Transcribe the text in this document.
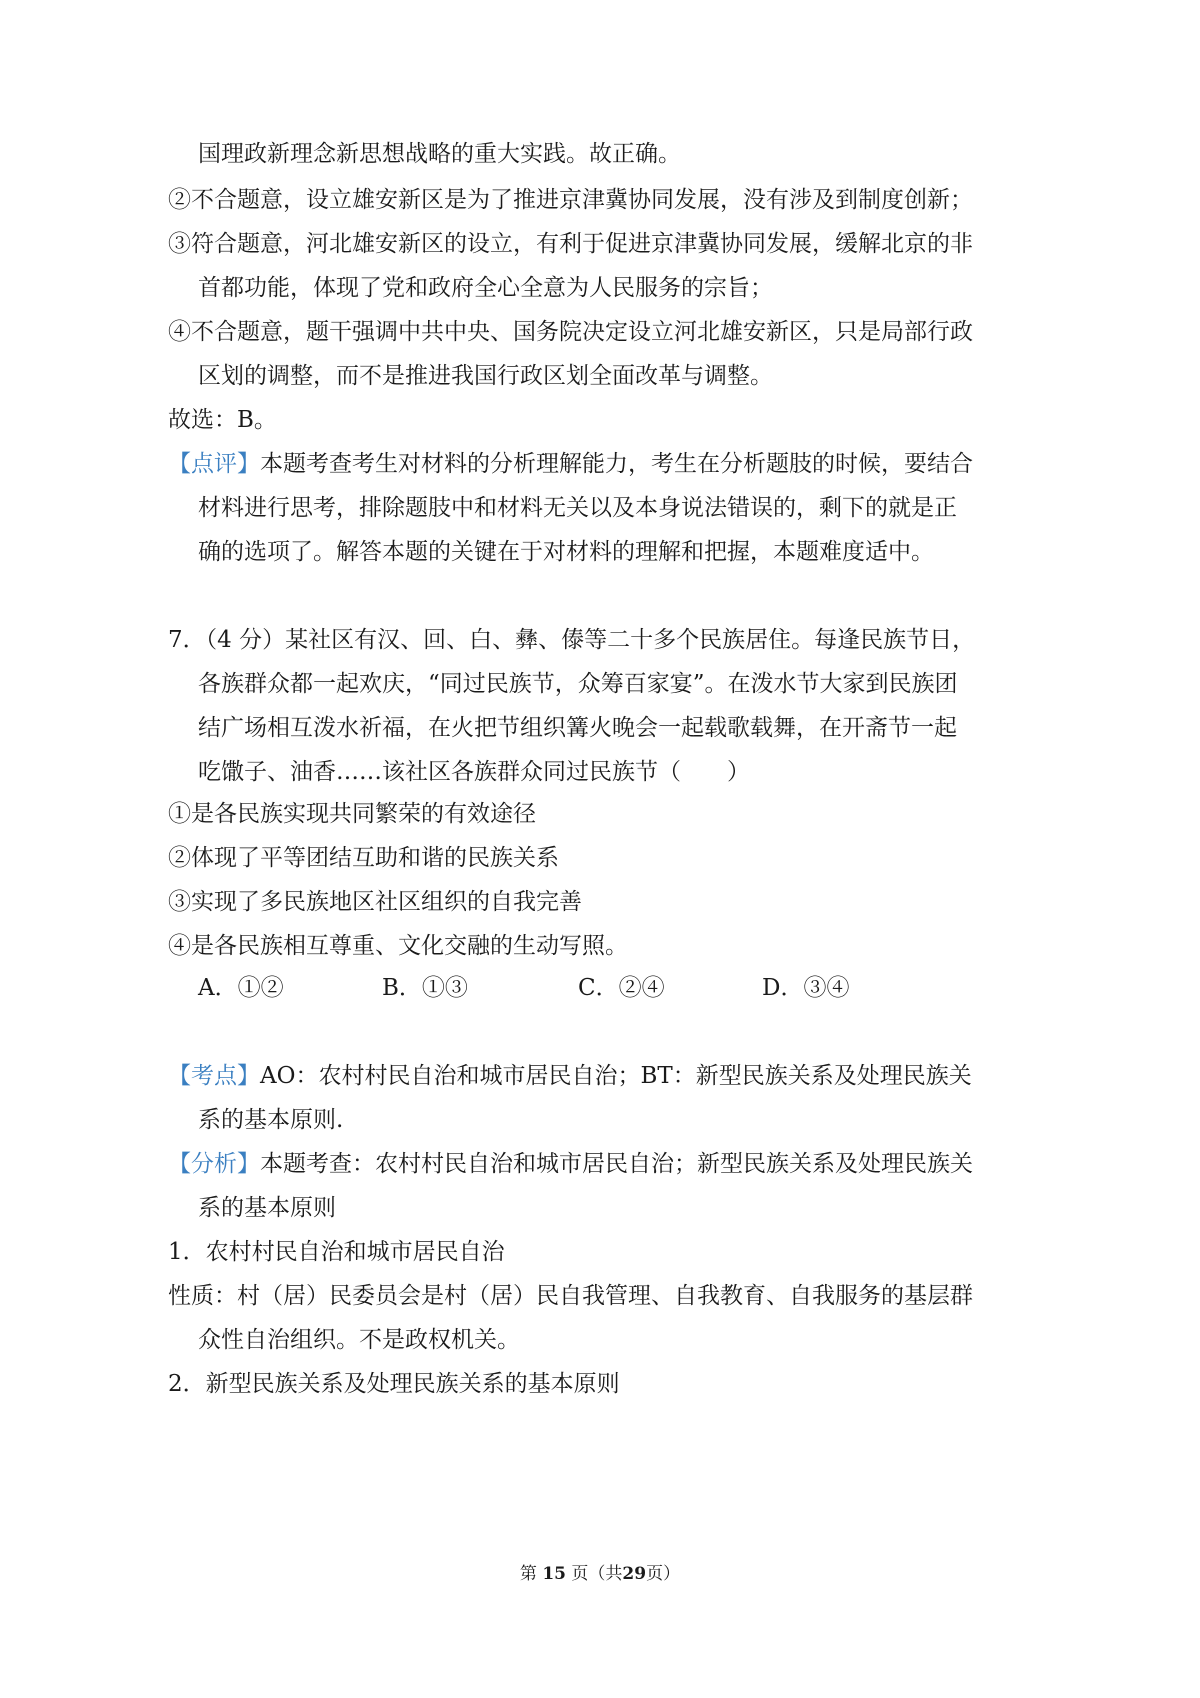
国理政新理念新思想战略的重大实践。故正确。
②不合题意，设立雄安新区是为了推进京津冀协同发展，没有涉及到制度创新；
③符合题意，河北雄安新区的设立，有利于促进京津冀协同发展，缓解北京的非
首都功能，体现了党和政府全心全意为人民服务的宗旨；
④不合题意，题干强调中共中央、国务院决定设立河北雄安新区，只是局部行政
区划的调整，而不是推进我国行政区划全面改革与调整。
故选：B。
【点评】本题考查考生对材料的分析理解能力，考生在分析题肢的时候，要结合
材料进行思考，排除题肢中和材料无关以及本身说法错误的，剩下的就是正
确的选项了。解答本题的关键在于对材料的理解和把握，本题难度适中。
7．（4 分）某社区有汉、回、白、彝、傣等二十多个民族居住。每逢民族节日，
各族群众都一起欢庆，“同过民族节，众筹百家宴”。在泼水节大家到民族团
结广场相互泼水祈福，在火把节组织篝火晚会一起载歌载舞，在开斋节一起
吃馓子、油香……该社区各族群众同过民族节（　　）
①是各民族实现共同繁荣的有效途径
②体现了平等团结互助和谐的民族关系
③实现了多民族地区社区组织的自我完善
④是各民族相互尊重、文化交融的生动写照。
A．①②	B．①③	C．②④	D．③④
【考点】AO：农村村民自治和城市居民自治；BT：新型民族关系及处理民族关
系的基本原则.
【分析】本题考查：农村村民自治和城市居民自治；新型民族关系及处理民族关
系的基本原则
1．农村村民自治和城市居民自治
性质：村（居）民委员会是村（居）民自我管理、自我教育、自我服务的基层群
众性自治组织。不是政权机关。
2．新型民族关系及处理民族关系的基本原则
第 15 页（共29页）
